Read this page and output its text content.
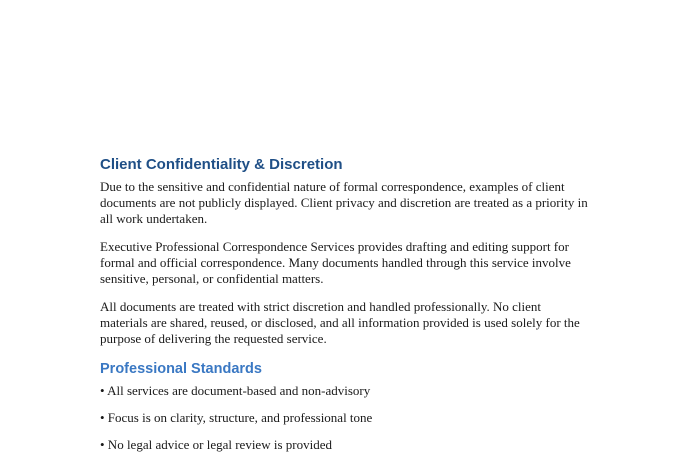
Client Confidentiality & Discretion

Due to the sensitive and confidential nature of formal correspondence, examples of client documents are not publicly displayed. Client privacy and discretion are treated as a priority in all work undertaken.

Executive Professional Correspondence Services provides drafting and editing support for formal and official correspondence. Many documents handled through this service involve sensitive, personal, or confidential matters.

All documents are treated with strict discretion and handled professionally. No client materials are shared, reused, or disclosed, and all information provided is used solely for the purpose of delivering the requested service.

Professional Standards
• All services are document-based and non-advisory
• Focus is on clarity, structure, and professional tone
• No legal advice or legal review is provided
